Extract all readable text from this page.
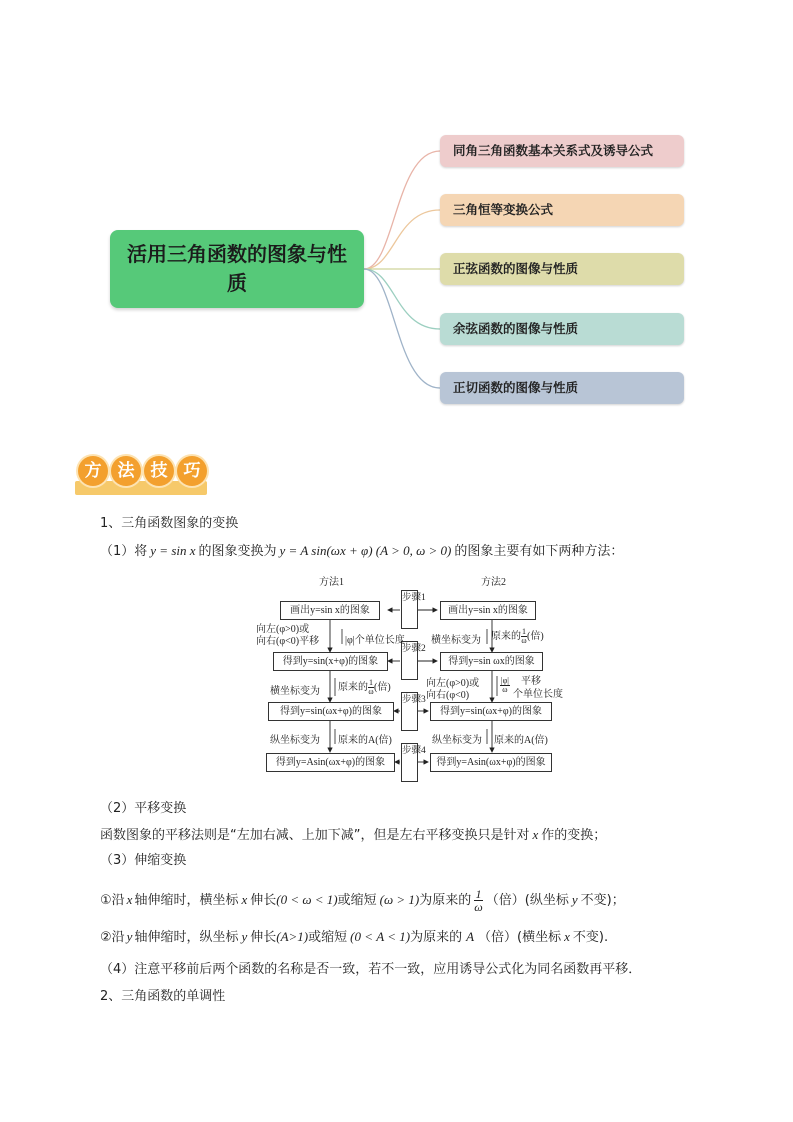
活用三角函数的图象与性质
同角三角函数基本关系式及诱导公式
三角恒等变换公式
正弦函数的图像与性质
余弦函数的图像与性质
正切函数的图像与性质
方 法 技 巧
1、三角函数图象的变换
（1）将 y = sin x 的图象变换为 y = A sin(ωx + φ) (A > 0, ω > 0) 的图象主要有如下两种方法：
方法1	方法2
画出y=sin x的图象
得到y=sin(x+φ)的图象
得到y=sin(ωx+φ)的图象
得到y=Asin(ωx+φ)的图象
画出y=sin x的图象
得到y=sin ωx的图象
得到y=sin(ωx+φ)的图象
得到y=Asin(ωx+φ)的图象
步骤1
步骤2
步骤3
步骤4
向左(φ>0)或
向右(φ<0)平移	|φ|个单位长度
横坐标变为 原来的 $\frac{1}{\omega}$ (倍)
纵坐标变为 原来的A(倍)
横坐标变为 原来的 $\frac{1}{\omega}$ (倍)
向左(φ>0)或
向右(φ<0)
$\frac{|\varphi|}{\omega}$ 平移
个单位长度
纵坐标变为 原来的A(倍)
（2）平移变换
函数图象的平移法则是“左加右减、上加下减”，但是左右平移变换只是针对 x 作的变换；
（3）伸缩变换
①沿 x 轴伸缩时，横坐标 x 伸长(0 < ω < 1)或缩短 (ω > 1)为原来的 $\frac{1}{\omega}$ （倍）(纵坐标 y 不变)；
②沿 y 轴伸缩时，纵坐标 y 伸长(A>1)或缩短 (0 < A < 1)为原来的 A （倍）(横坐标 x 不变).
（4）注意平移前后两个函数的名称是否一致，若不一致，应用诱导公式化为同名函数再平移．
2、三角函数的单调性
